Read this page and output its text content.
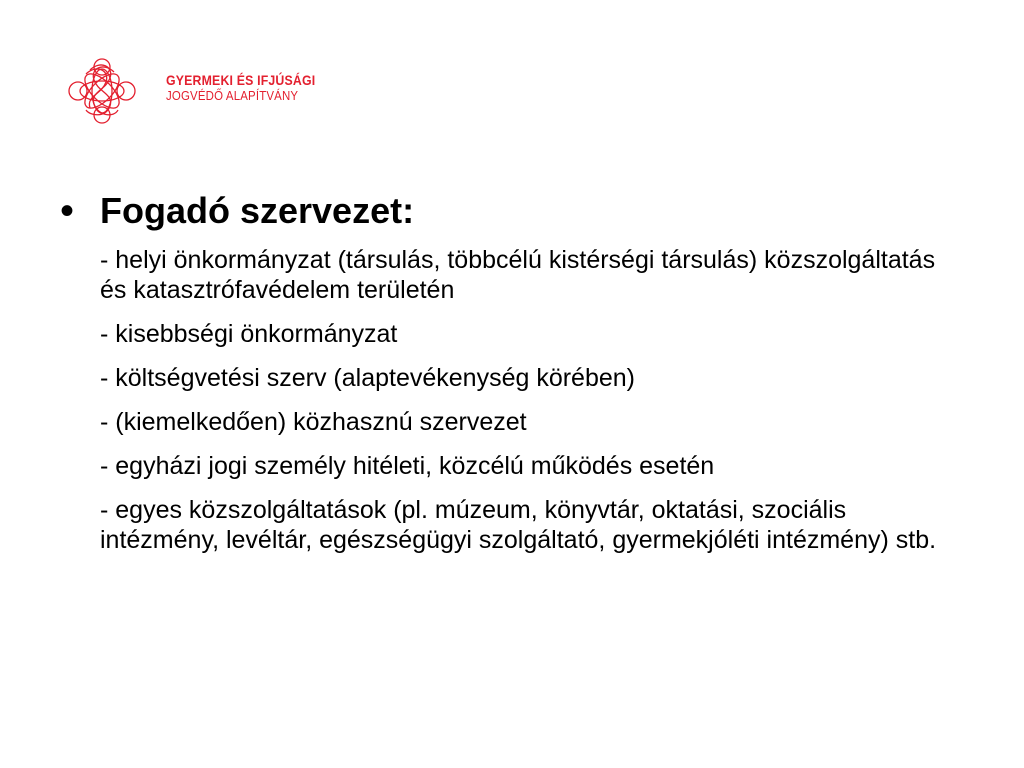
GYERMEKI ÉS IFJÚSÁGI
JOGVÉDŐ ALAPÍTVÁNY
• Fogadó szervezet:
- helyi önkormányzat (társulás, többcélú kistérségi társulás) közszolgáltatás és katasztrófavédelem területén
- kisebbségi önkormányzat
- költségvetési szerv (alaptevékenység körében)
- (kiemelkedően) közhasznú szervezet
- egyházi jogi személy hitéleti, közcélú működés esetén
- egyes közszolgáltatások (pl. múzeum, könyvtár, oktatási, szociális intézmény, levéltár, egészségügyi szolgáltató, gyermekjóléti intézmény) stb.
